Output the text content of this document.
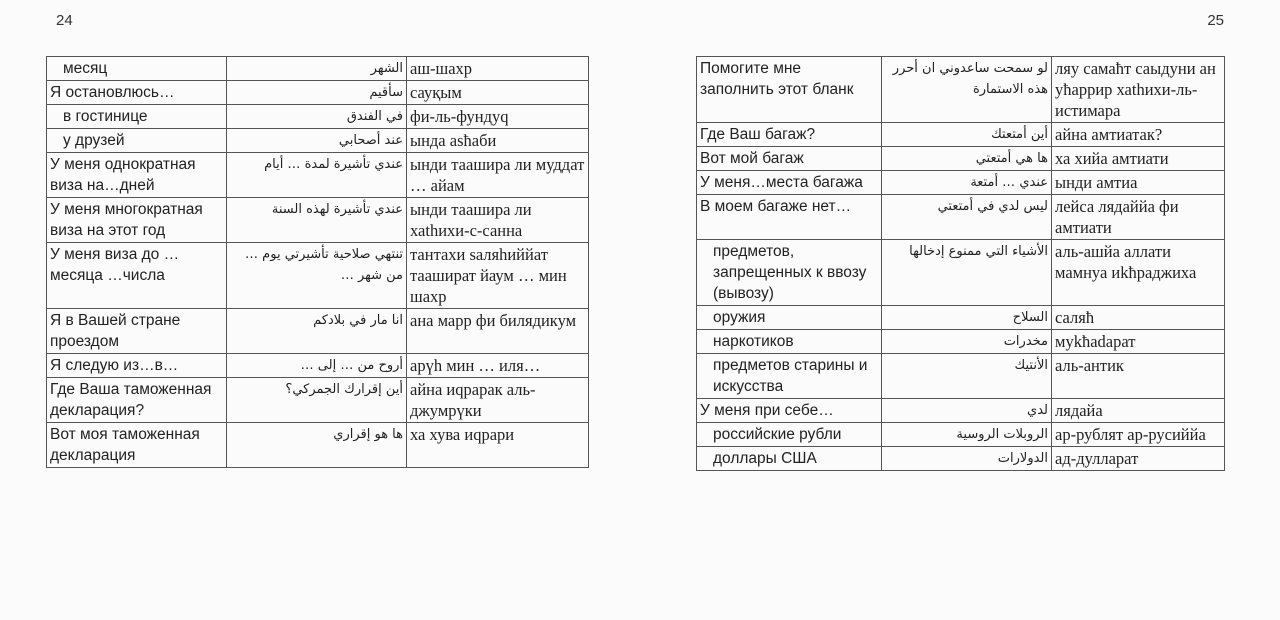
24
месяц	الشهر	аш-шахр
Я остановлюсь…	سأقيم	сауқым
в гостинице	في الفندق	фи-ль-фундуq
у друзей	عند أصحابي	ында asħаби
У меня однократная виза на…дней	عندي تأشيرة لمدة … أيام	ынди таашира ли муддат … айам
У меня многократная виза на этот год	عندي تأشيرة لهذه السنة	ынди таашира ли хаthихи-с-санна
У меня виза до … месяца …числа	تنتهي صلاحية تأشيرتي يوم … من شهر …	тантахи saляhиййат таашират йаум … мин шахр
Я в Вашей стране проездом	انا مار في بلادكم	ана марр фи билядикум
Я следую из…в…	أروح من … إلى …	арүh мин … иля…
Где Ваша таможенная декларация?	أين إقرارك الجمركي؟	айна иqрарак аль-джумрүки
Вот моя таможенная декларация	ها هو إقراري	ха хува иqрари
25
Помогите мне заполнить этот бланк	لو سمحت ساعدوني ان أحرر هذه الاستمارة	ляу самаħт саыдуни ан уħаррир хаthихи-ль-истимара
Где Ваш багаж?	أين أمتعتك	айна амтиатак?
Вот мой багаж	ها هي أمتعتي	ха хийа амтиати
У меня…места багажа	عندي … أمتعة	ынди амтиа
В моем багаже нет…	ليس لدي في أمتعتي	лейса лядаййа фи амтиати
предметов, запрещенных к ввозу (вывозу)	الأشياء التي ممنوع إدخالها	аль-ашйа аллати мамнуа иkħраджиха
оружия	السلاح	саляħ
наркотиков	مخدرات	мykħadapат
предметов старины и искусства	الأنتيك	аль-антик
У меня при себе…	لدي	лядайа
российские рубли	الروبلات الروسية	ар-рублят ар-русиййа
доллары США	الدولارات	ад-дулларат
